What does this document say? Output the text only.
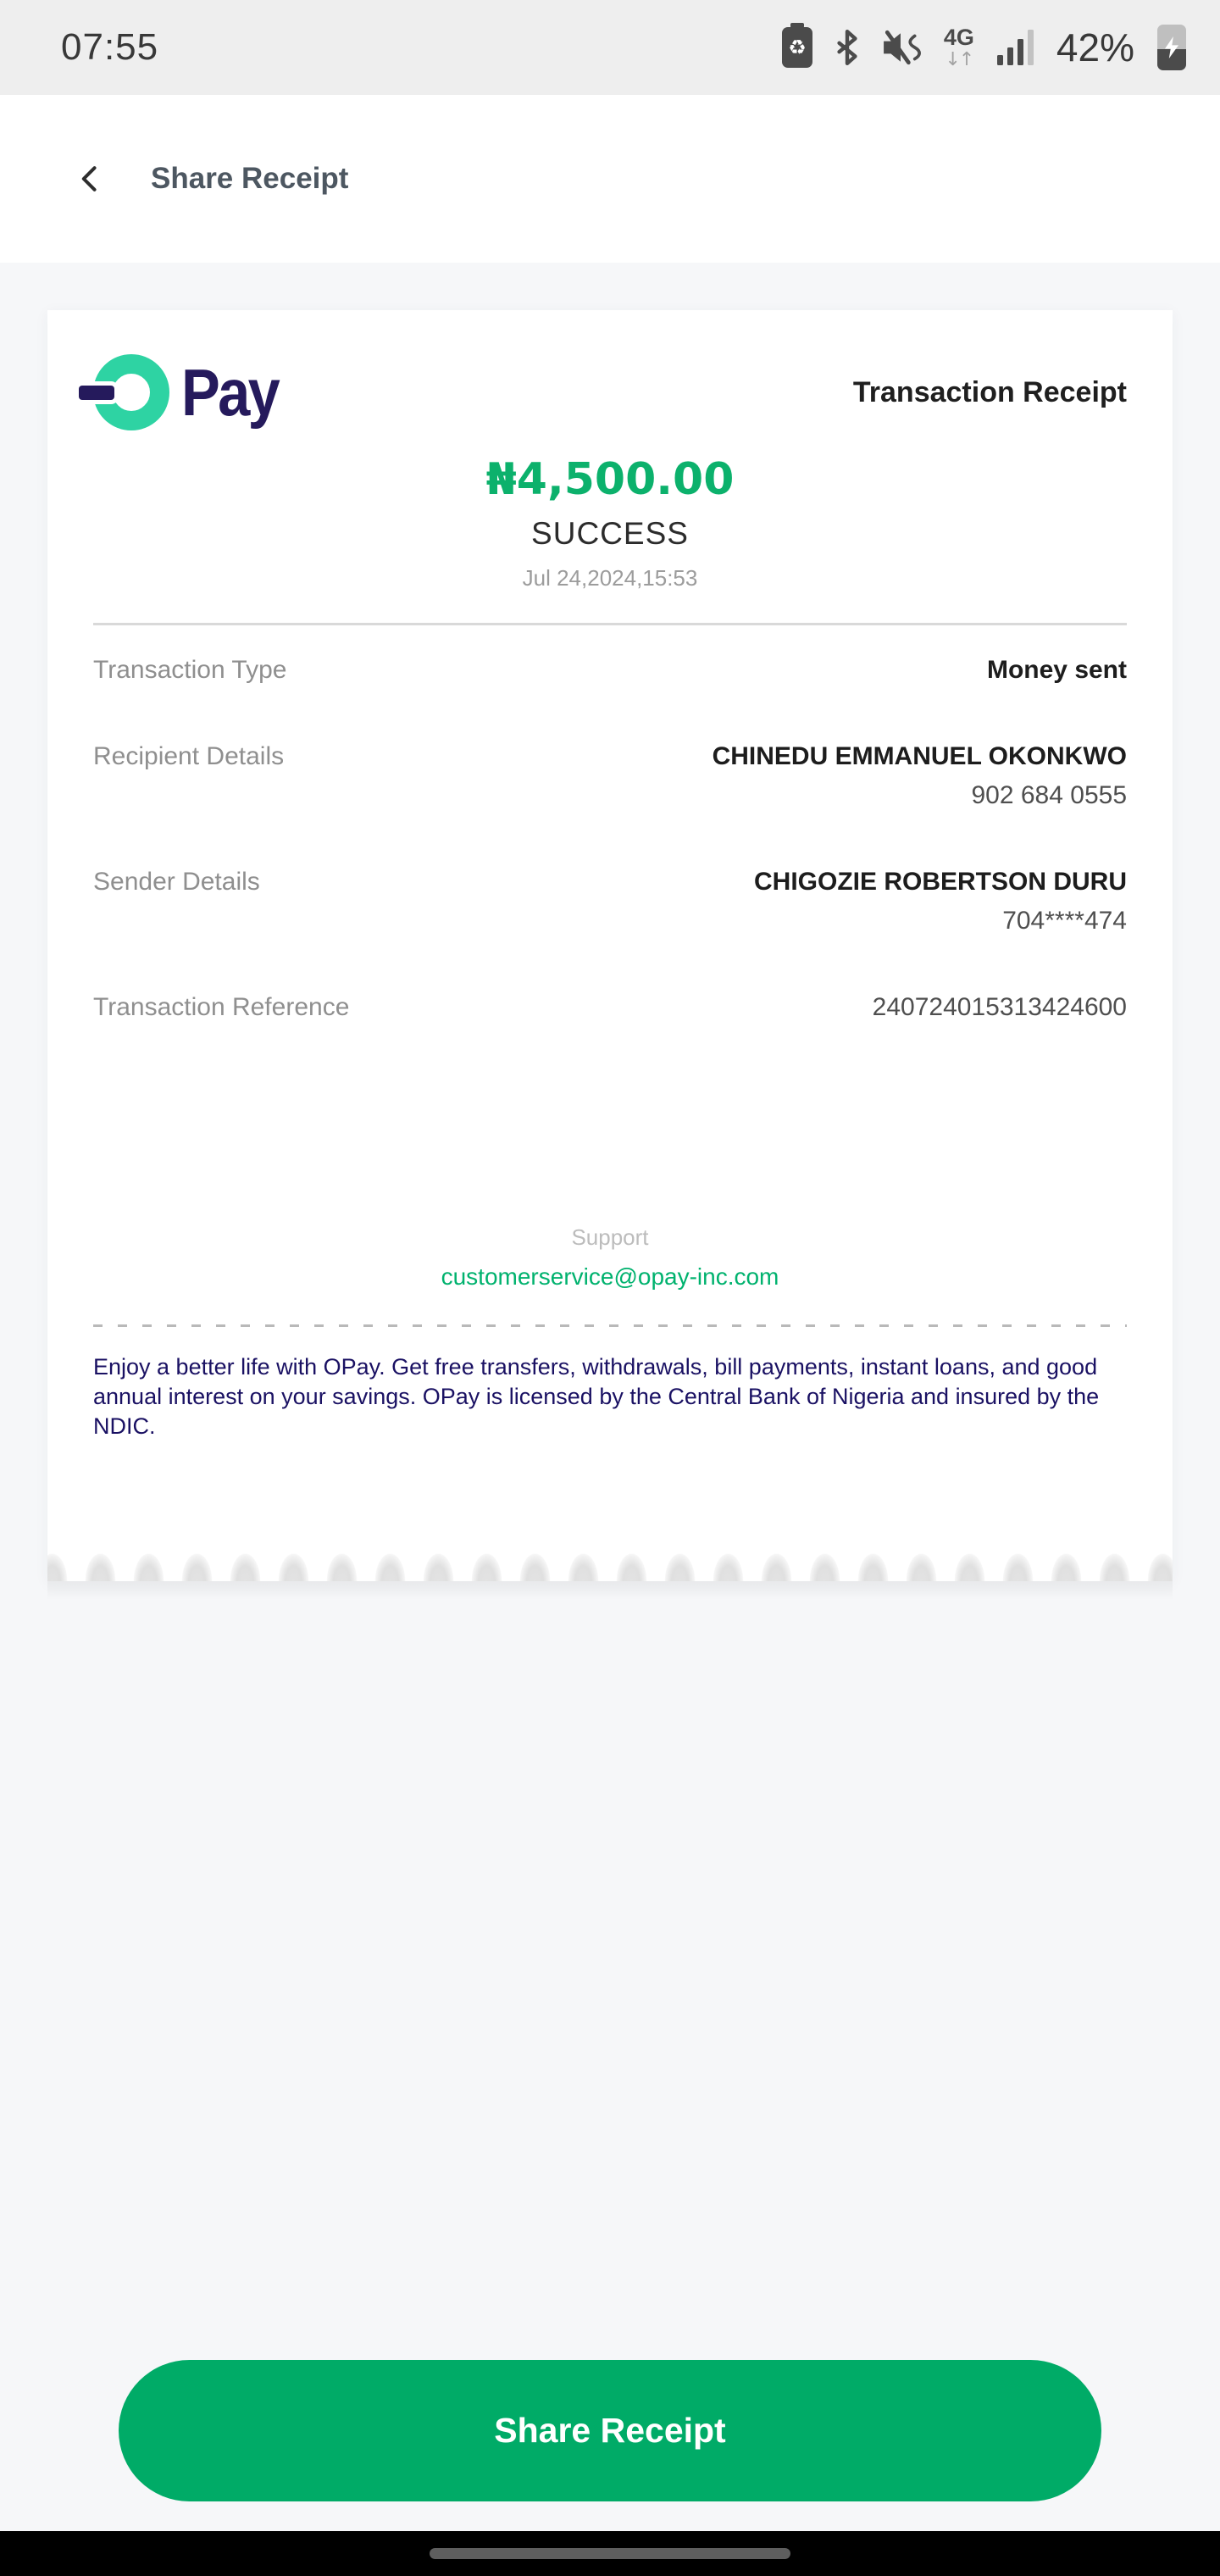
07:55	♻	4G
↓↑ 42%
Share Receipt
Pay	Transaction Receipt
₦4,500.00
SUCCESS
Jul 24,2024,15:53
Transaction Type	Money sent
Recipient Details	CHINEDU EMMANUEL OKONKWO
902 684 0555
Sender Details	CHIGOZIE ROBERTSON DURU
704****474
Transaction Reference	240724015313424600
Support
customerservice@opay-inc.com

Enjoy a better life with OPay. Get free transfers, withdrawals, bill payments, instant loans, and good annual interest on your savings. OPay is licensed by the Central Bank of Nigeria and insured by the NDIC.

Share Receipt
